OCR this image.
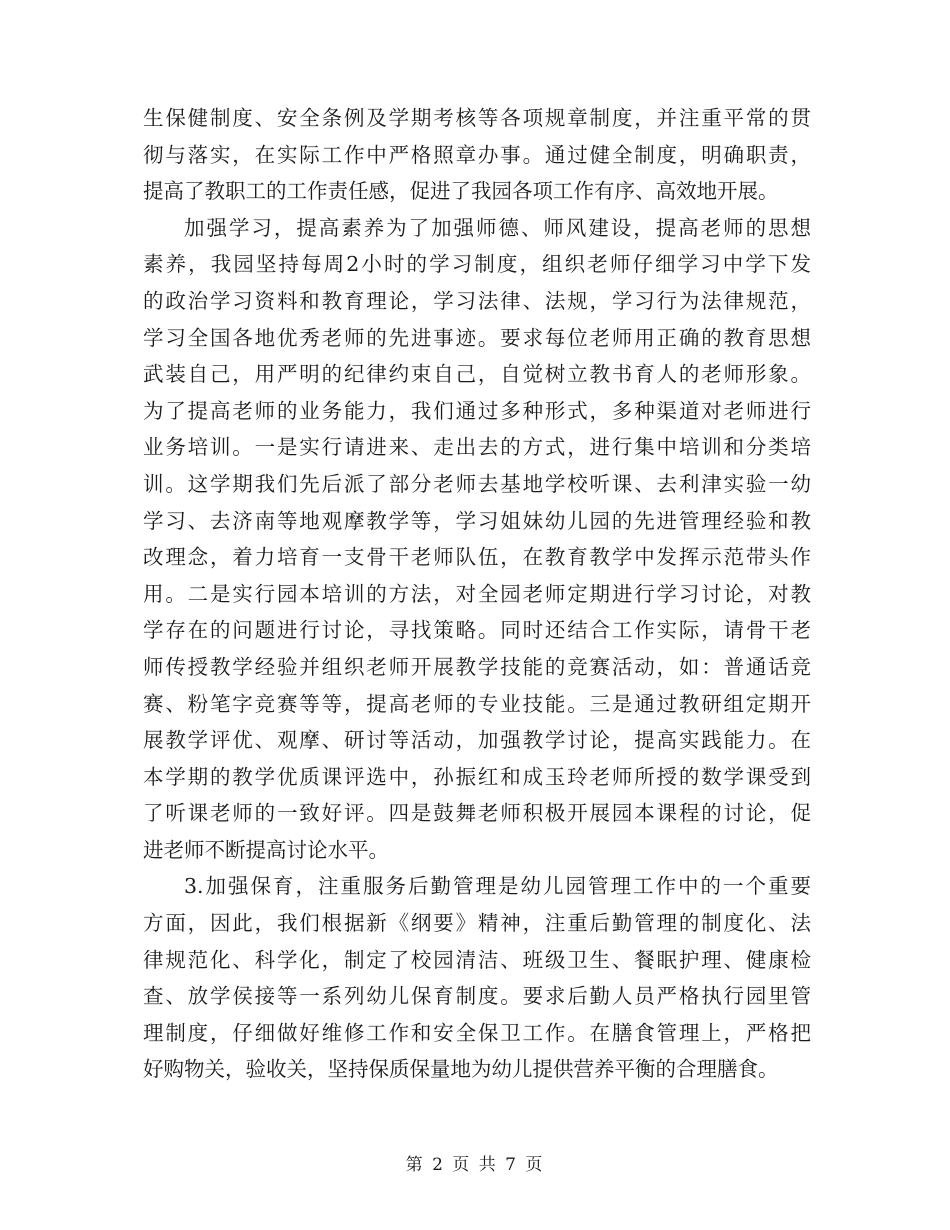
生保健制度、安全条例及学期考核等各项规章制度，并注重平常的贯
彻与落实，在实际工作中严格照章办事。通过健全制度，明确职责，
提高了教职工的工作责任感，促进了我园各项工作有序、高效地开展。
加强学习，提高素养为了加强师德、师风建设，提高老师的思想
素养，我园坚持每周2小时的学习制度，组织老师仔细学习中学下发
的政治学习资料和教育理论，学习法律、法规，学习行为法律规范，
学习全国各地优秀老师的先进事迹。要求每位老师用正确的教育思想
武装自己，用严明的纪律约束自己，自觉树立教书育人的老师形象。
为了提高老师的业务能力，我们通过多种形式，多种渠道对老师进行
业务培训。一是实行请进来、走出去的方式，进行集中培训和分类培
训。这学期我们先后派了部分老师去基地学校听课、去利津实验一幼
学习、去济南等地观摩教学等，学习姐妹幼儿园的先进管理经验和教
改理念，着力培育一支骨干老师队伍，在教育教学中发挥示范带头作
用。二是实行园本培训的方法，对全园老师定期进行学习讨论，对教
学存在的问题进行讨论，寻找策略。同时还结合工作实际，请骨干老
师传授教学经验并组织老师开展教学技能的竞赛活动，如：普通话竞
赛、粉笔字竞赛等等，提高老师的专业技能。三是通过教研组定期开
展教学评优、观摩、研讨等活动，加强教学讨论，提高实践能力。在
本学期的教学优质课评选中，孙振红和成玉玲老师所授的数学课受到
了听课老师的一致好评。四是鼓舞老师积极开展园本课程的讨论，促
进老师不断提高讨论水平。
3.加强保育，注重服务后勤管理是幼儿园管理工作中的一个重要
方面，因此，我们根据新《纲要》精神，注重后勤管理的制度化、法
律规范化、科学化，制定了校园清洁、班级卫生、餐眠护理、健康检
查、放学侯接等一系列幼儿保育制度。要求后勤人员严格执行园里管
理制度，仔细做好维修工作和安全保卫工作。在膳食管理上，严格把
好购物关，验收关，坚持保质保量地为幼儿提供营养平衡的合理膳食。
第 2 页 共 7 页
